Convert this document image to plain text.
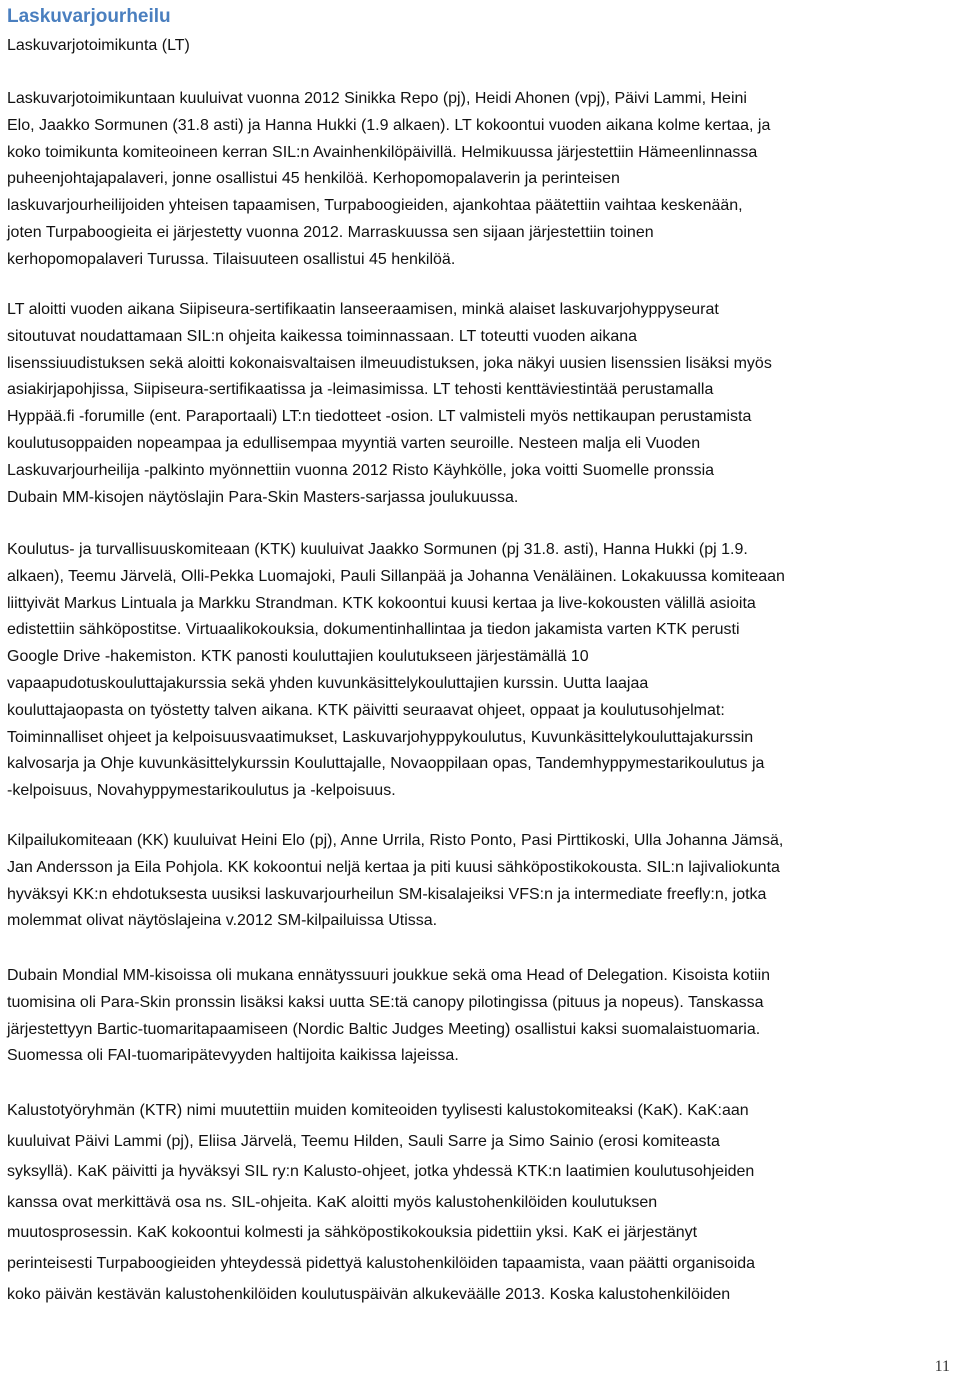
Laskuvarjourheilu
Laskuvarjotoimikunta (LT)
Laskuvarjotoimikuntaan kuuluivat vuonna 2012 Sinikka Repo (pj), Heidi Ahonen (vpj), Päivi Lammi, Heini
Elo, Jaakko Sormunen (31.8 asti) ja Hanna Hukki (1.9 alkaen). LT kokoontui vuoden aikana kolme kertaa, ja
koko toimikunta komiteoineen kerran SIL:n Avainhenkilöpäivillä. Helmikuussa järjestettiin Hämeenlinnassa
puheenjohtajapalaveri, jonne osallistui 45 henkilöä. Kerhopomopalaverin ja perinteisen
laskuvarjourheilijoiden yhteisen tapaamisen, Turpaboogieiden, ajankohtaa päätettiin vaihtaa keskenään,
joten Turpaboogieita ei järjestetty vuonna 2012. Marraskuussa sen sijaan järjestettiin toinen
kerhopomopalaveri Turussa. Tilaisuuteen osallistui 45 henkilöä.
LT aloitti vuoden aikana Siipiseura-sertifikaatin lanseeraamisen, minkä alaiset laskuvarjohyppyseurat
sitoutuvat noudattamaan SIL:n ohjeita kaikessa toiminnassaan. LT toteutti vuoden aikana
lisenssiuudistuksen sekä aloitti kokonaisvaltaisen ilmeuudistuksen, joka näkyi uusien lisenssien lisäksi myös
asiakirjapohjissa, Siipiseura-sertifikaatissa ja -leimasimissa. LT tehosti kenttäviestintää perustamalla
Hyppää.fi -forumille (ent. Paraportaali) LT:n tiedotteet -osion. LT valmisteli myös nettikaupan perustamista
koulutusoppaiden nopeampaa ja edullisempaa myyntiä varten seuroille. Nesteen malja eli Vuoden
Laskuvarjourheilija -palkinto myönnettiin vuonna 2012 Risto Käyhkölle, joka voitti Suomelle pronssia
Dubain MM-kisojen näytöslajin Para-Skin Masters-sarjassa joulukuussa.
Koulutus- ja turvallisuuskomiteaan (KTK) kuuluivat Jaakko Sormunen (pj 31.8. asti), Hanna Hukki (pj 1.9.
alkaen), Teemu Järvelä, Olli-Pekka Luomajoki, Pauli Sillanpää ja Johanna Venäläinen. Lokakuussa komiteaan
liittyivät Markus Lintuala ja Markku Strandman. KTK kokoontui kuusi kertaa ja live-kokousten välillä asioita
edistettiin sähköpostitse. Virtuaalikokouksia, dokumentinhallintaa ja tiedon jakamista varten KTK perusti
Google Drive -hakemiston. KTK panosti kouluttajien koulutukseen järjestämällä 10
vapaapudotuskouluttajakurssia sekä yhden kuvunkäsittelykouluttajien kurssin. Uutta laajaa
kouluttajaopasta on työstetty talven aikana. KTK päivitti seuraavat ohjeet, oppaat ja koulutusohjelmat:
Toiminnalliset ohjeet ja kelpoisuusvaatimukset, Laskuvarjohyppykoulutus, Kuvunkäsittelykouluttajakurssin
kalvosarja ja Ohje kuvunkäsittelykurssin Kouluttajalle, Novaoppilaan opas, Tandemhyppymestarikoulutus ja
-kelpoisuus, Novahyppymestarikoulutus ja -kelpoisuus.
Kilpailukomiteaan (KK) kuuluivat Heini Elo (pj), Anne Urrila, Risto Ponto, Pasi Pirttikoski, Ulla Johanna Jämsä,
Jan Andersson ja Eila Pohjola. KK kokoontui neljä kertaa ja piti kuusi sähköpostikokousta. SIL:n lajivaliokunta
hyväksyi KK:n ehdotuksesta uusiksi laskuvarjourheilun SM-kisalajeiksi VFS:n ja intermediate freefly:n, jotka
molemmat olivat näytöslajeina v.2012 SM-kilpailuissa Utissa.
Dubain Mondial MM-kisoissa oli mukana ennätyssuuri joukkue sekä oma Head of Delegation. Kisoista kotiin
tuomisina oli Para-Skin pronssin lisäksi kaksi uutta SE:tä canopy pilotingissa (pituus ja nopeus). Tanskassa
järjestettyyn Bartic-tuomaritapaamiseen (Nordic Baltic Judges Meeting) osallistui kaksi suomalaistuomaria.
Suomessa oli FAI-tuomaripätevyyden haltijoita kaikissa lajeissa.
Kalustotyöryhmän (KTR) nimi muutettiin muiden komiteoiden tyylisesti kalustokomiteaksi (KaK). KaK:aan
kuuluivat Päivi Lammi (pj), Eliisa Järvelä, Teemu Hilden, Sauli Sarre ja Simo Sainio (erosi komiteasta
syksyllä). KaK päivitti ja hyväksyi SIL ry:n Kalusto-ohjeet, jotka yhdessä KTK:n laatimien koulutusohjeiden
kanssa ovat merkittävä osa ns. SIL-ohjeita. KaK aloitti myös kalustohenkilöiden koulutuksen
muutosprosessin. KaK kokoontui kolmesti ja sähköpostikokouksia pidettiin yksi. KaK ei järjestänyt
perinteisesti Turpaboogieiden yhteydessä pidettyä kalustohenkilöiden tapaamista, vaan päätti organisoida
koko päivän kestävän kalustohenkilöiden koulutuspäivän alkukeväälle 2013. Koska kalustohenkilöiden
11
